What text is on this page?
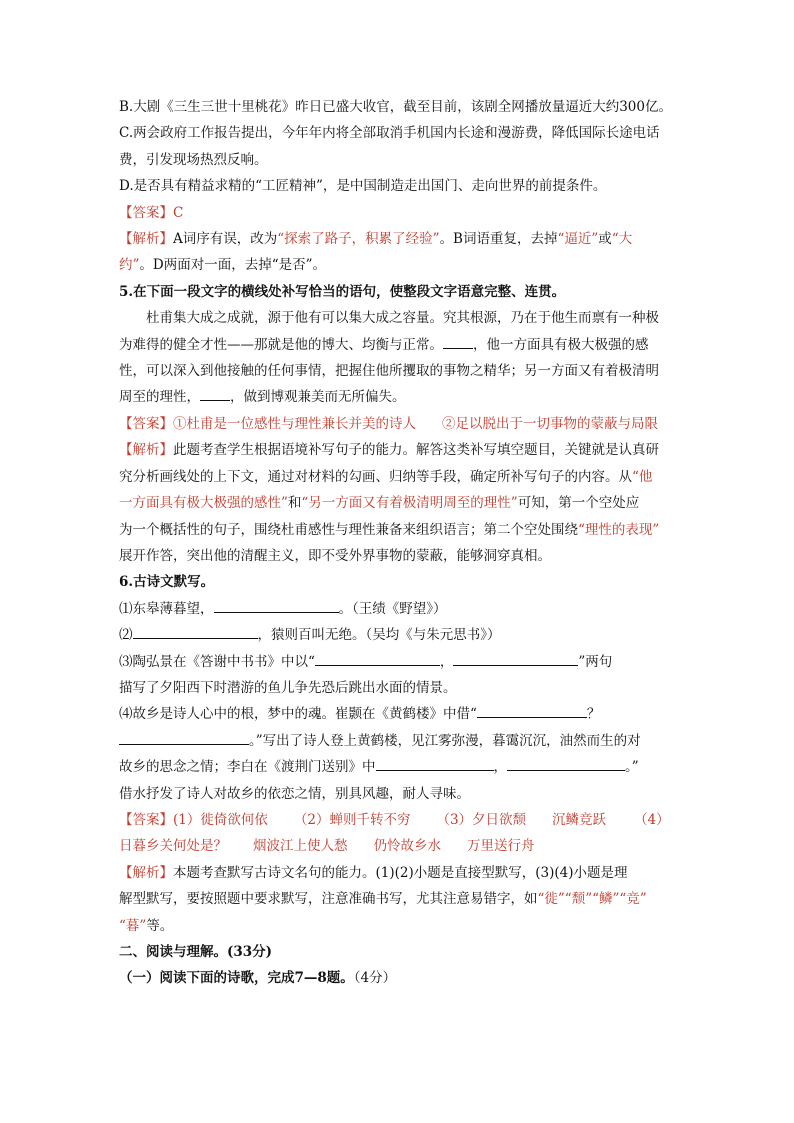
B.大剧《三生三世十里桃花》昨日已盛大收官，截至目前，该剧全网播放量逼近大约300亿。
C.两会政府工作报告提出，今年年内将全部取消手机国内长途和漫游费，降低国际长途电话
费，引发现场热烈反响。
D.是否具有精益求精的“工匠精神”，是中国制造走出国门、走向世界的前提条件。
【答案】C
【解析】A词序有误，改为“探索了路子，积累了经验”。B词语重复，去掉“逼近”或“大
约”。D两面对一面，去掉“是否”。
5.在下面一段文字的横线处补写恰当的语句，使整段文字语意完整、连贯。
杜甫集大成之成就，源于他有可以集大成之容量。究其根源，乃在于他生而禀有一种极
为难得的健全才性——那就是他的博大、均衡与正常。 ，他一方面具有极大极强的感
性，可以深入到他接触的任何事情，把握住他所攫取的事物之精华；另一方面又有着极清明
周至的理性， ，做到博观兼美而无所偏失。
【答案】①杜甫是一位感性与理性兼长并美的诗人 ②足以脱出于一切事物的蒙蔽与局限
【解析】此题考查学生根据语境补写句子的能力。解答这类补写填空题目，关键就是认真研
究分析画线处的上下文，通过对材料的勾画、归纳等手段，确定所补写句子的内容。从“他
一方面具有极大极强的感性”和“另一方面又有着极清明周至的理性”可知，第一个空处应
为一个概括性的句子，围绕杜甫感性与理性兼备来组织语言；第二个空处围绕“理性的表现”
展开作答，突出他的清醒主义，即不受外界事物的蒙蔽，能够洞穿真相。
6.古诗文默写。
⑴东皋薄暮望，	。（王绩《野望》）
⑵	，猿则百叫无绝。（吴均《与朱元思书》）
⑶陶弘景在《答谢中书书》中以“	，	”两句
描写了夕阳西下时潜游的鱼儿争先恐后跳出水面的情景。
⑷故乡是诗人心中的根，梦中的魂。崔颢在《黄鹤楼》中借“	？
。”写出了诗人登上黄鹤楼，见江雾弥漫，暮霭沉沉，油然而生的对
故乡的思念之情；李白在《渡荆门送别》中	，	。”
借水抒发了诗人对故乡的依恋之情，别具风趣，耐人寻味。
【答案】(1）徙倚欲何依 （2）蝉则千转不穷 （3）夕日欲颓 沉鳞竞跃 （4）
日暮乡关何处是？ 烟波江上使人愁 仍怜故乡水 万里送行舟
【解析】本题考查默写古诗文名句的能力。(1)(2)小题是直接型默写，(3)(4)小题是理
解型默写，要按照题中要求默写，注意准确书写，尤其注意易错字，如“徙”“颓”“鳞”“竞”
“暮”等。
二、阅读与理解。(33分)
（一）阅读下面的诗歌，完成7—8题。（4分）
